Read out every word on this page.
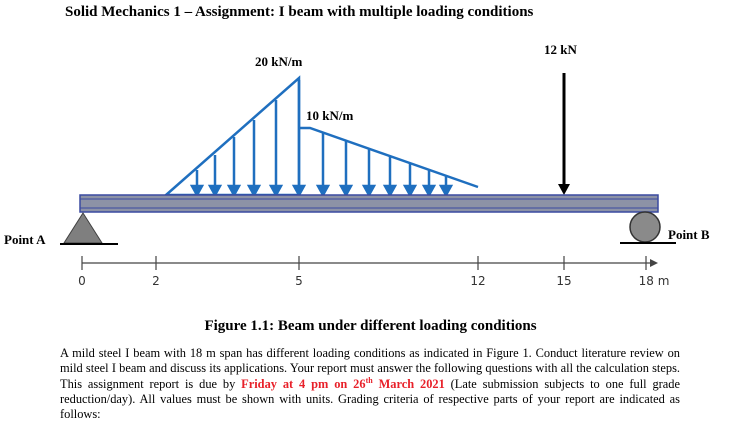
Solid Mechanics 1 – Assignment: I beam with multiple loading conditions
0	2	5	12	15	18 m
20 kN/m
10 kN/m
12 kN
Point A	Point B
Figure 1.1: Beam under different loading conditions
A mild steel I beam with 18 m span has different loading conditions as indicated in Figure 1. Conduct literature review on mild steel I beam and discuss its applications. Your report must answer the following questions with all the calculation steps. This assignment report is due by Friday at 4 pm on 26th March 2021 (Late submission subjects to one full grade reduction/day). All values must be shown with units. Grading criteria of respective parts of your report are indicated as follows:
